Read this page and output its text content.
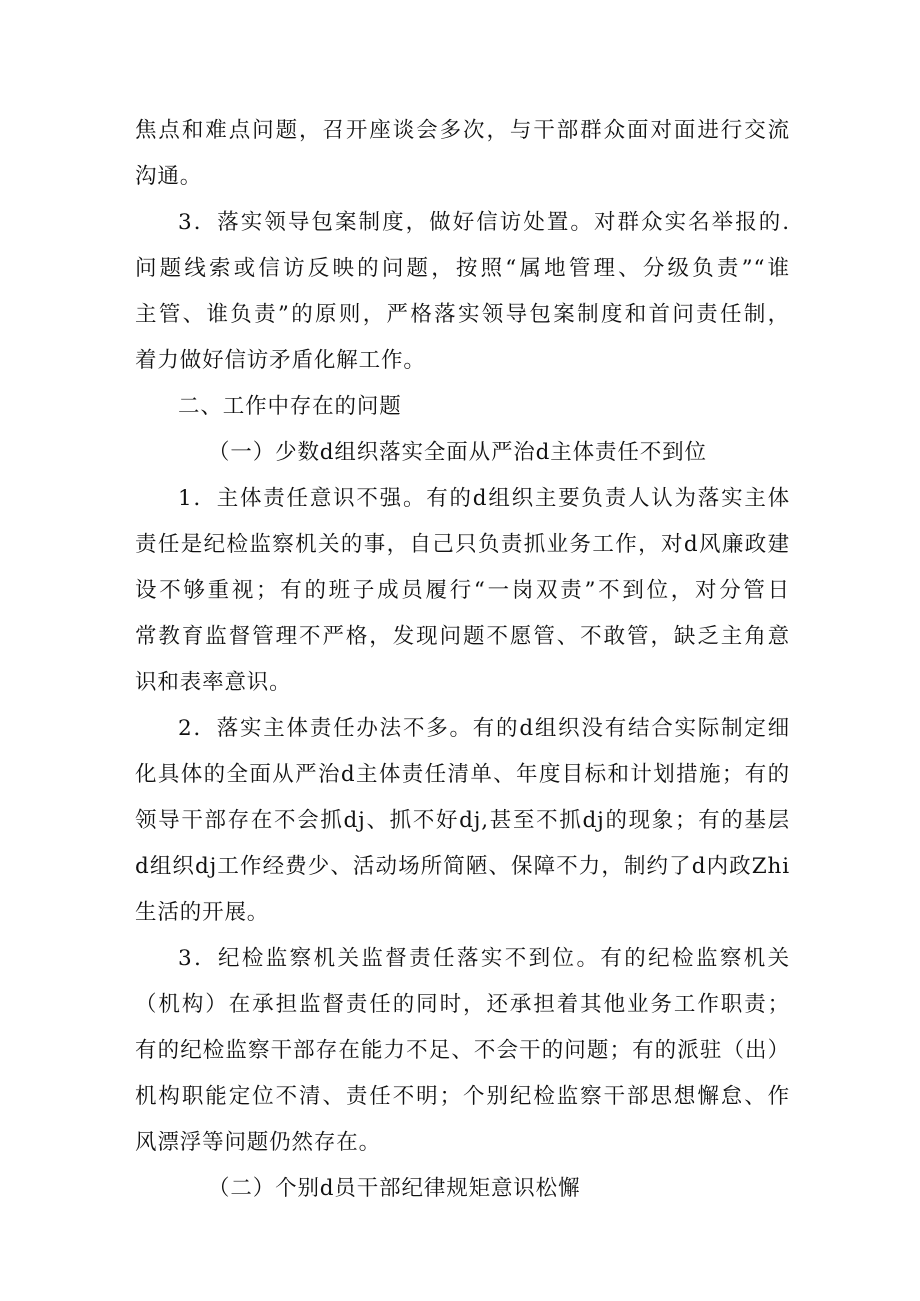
焦点和难点问题，召开座谈会多次，与干部群众面对面进行交流
沟通。
3．落实领导包案制度，做好信访处置。对群众实名举报的.
问题线索或信访反映的问题，按照“属地管理、分级负责”“谁
主管、谁负责”的原则，严格落实领导包案制度和首问责任制，
着力做好信访矛盾化解工作。
二、工作中存在的问题
（一）少数d组织落实全面从严治d主体责任不到位
1．主体责任意识不强。有的d组织主要负责人认为落实主体
责任是纪检监察机关的事，自己只负责抓业务工作，对d风廉政建
设不够重视；有的班子成员履行“一岗双责”不到位，对分管日
常教育监督管理不严格，发现问题不愿管、不敢管，缺乏主角意
识和表率意识。
2．落实主体责任办法不多。有的d组织没有结合实际制定细
化具体的全面从严治d主体责任清单、年度目标和计划措施；有的
领导干部存在不会抓dj、抓不好dj,甚至不抓dj的现象；有的基层
d组织dj工作经费少、活动场所简陋、保障不力，制约了d内政Zhi
生活的开展。
3．纪检监察机关监督责任落实不到位。有的纪检监察机关
（机构）在承担监督责任的同时，还承担着其他业务工作职责；
有的纪检监察干部存在能力不足、不会干的问题；有的派驻（出）
机构职能定位不清、责任不明；个别纪检监察干部思想懈怠、作
风漂浮等问题仍然存在。
（二）个别d员干部纪律规矩意识松懈
